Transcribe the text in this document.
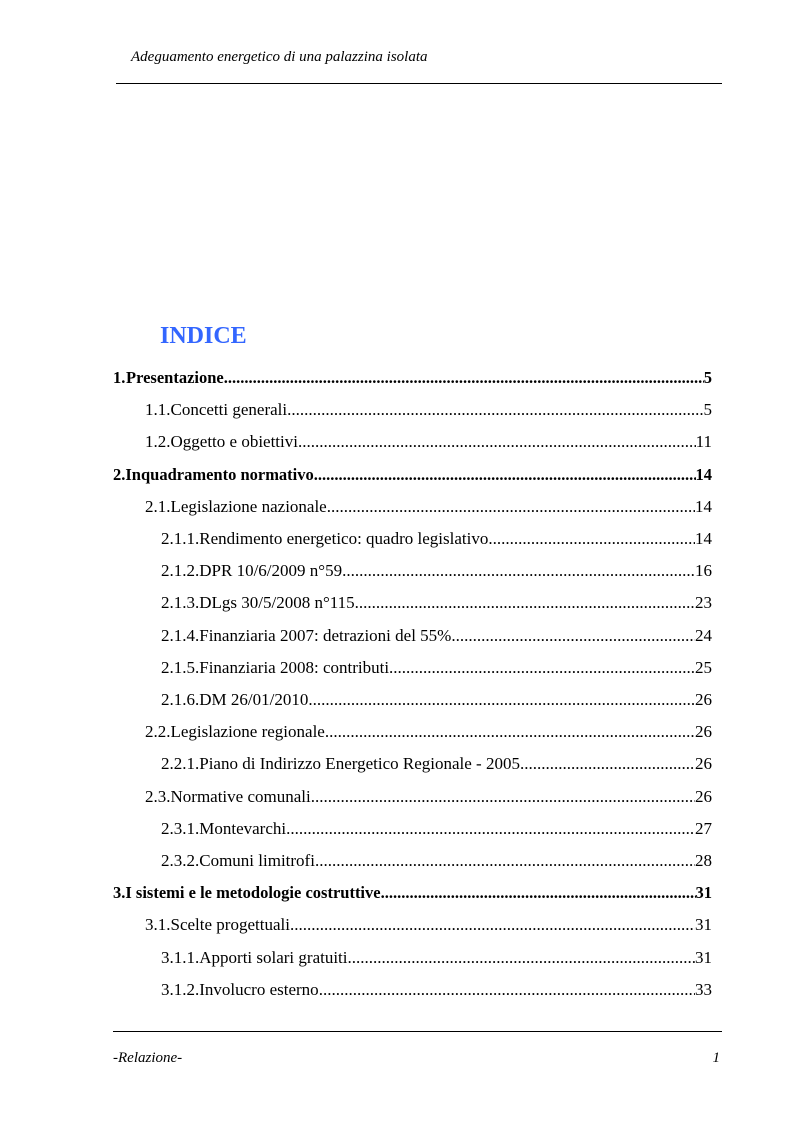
Adeguamento energetico di una palazzina isolata
INDICE
1. Presentazione .....	5
1.1. Concetti generali .....	5
1.2. Oggetto e obiettivi .....	11
2. Inquadramento normativo .....	14
2.1. Legislazione nazionale .....	14
2.1.1. Rendimento energetico: quadro legislativo .....	14
2.1.2. DPR 10/6/2009 n°59 .....	16
2.1.3. DLgs 30/5/2008 n°115 .....	23
2.1.4. Finanziaria 2007: detrazioni del 55% .....	24
2.1.5. Finanziaria 2008: contributi .....	25
2.1.6. DM 26/01/2010 .....	26
2.2. Legislazione regionale .....	26
2.2.1. Piano di Indirizzo Energetico Regionale - 2005 .....	26
2.3. Normative comunali .....	26
2.3.1. Montevarchi .....	27
2.3.2. Comuni limitrofi .....	28
3. I sistemi e le metodologie costruttive .....	31
3.1. Scelte progettuali .....	31
3.1.1. Apporti solari gratuiti .....	31
3.1.2. Involucro esterno .....	33
-Relazione-	1
